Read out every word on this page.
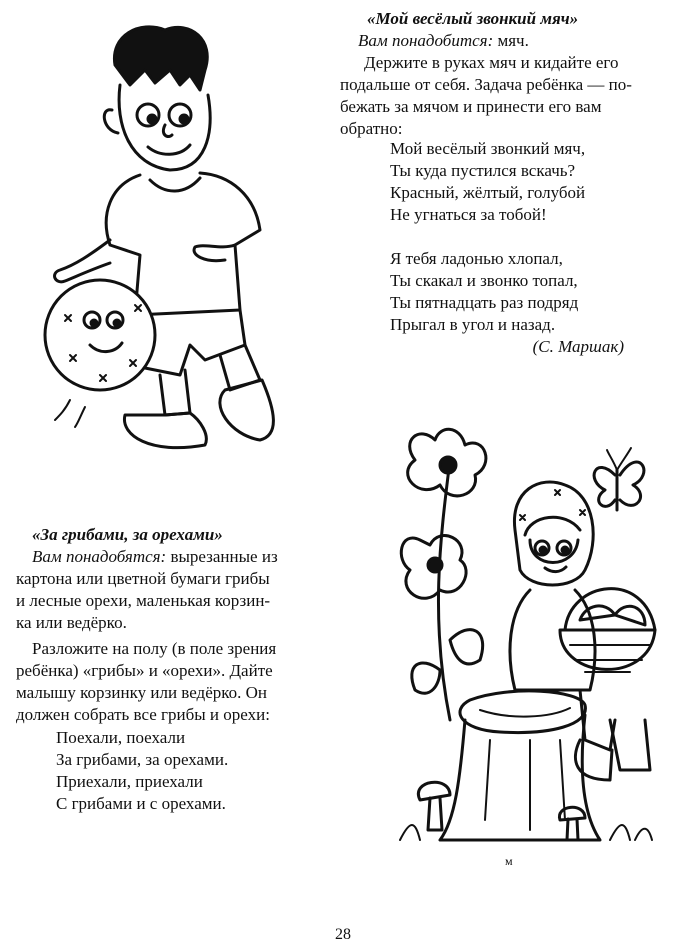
«Мой весёлый звонкий мяч»

Вам понадобится: мяч.

Держите в руках мяч и кидайте его

подальше от себя. Задача ребёнка — по-

бежать за мячом и принести его вам

обратно:

Мой весёлый звонкий мяч,

Ты куда пустился вскачь?

Красный, жёлтый, голубой

Не угнаться за тобой!

Я тебя ладонью хлопал,

Ты скакал и звонко топал,

Ты пятнадцать раз подряд

Прыгал в угол и назад.

(С. Маршак)

«За грибами, за орехами»

Вам понадобятся: вырезанные из

картона или цветной бумаги грибы

и лесные орехи, маленькая корзин-

ка или ведёрко.

Разложите на полу (в поле зрения

ребёнка) «грибы» и «орехи». Дайте

малышу корзинку или ведёрко. Он

должен собрать все грибы и орехи:

Поехали, поехали

За грибами, за орехами.

Приехали, приехали

С грибами и с орехами.

м
28
